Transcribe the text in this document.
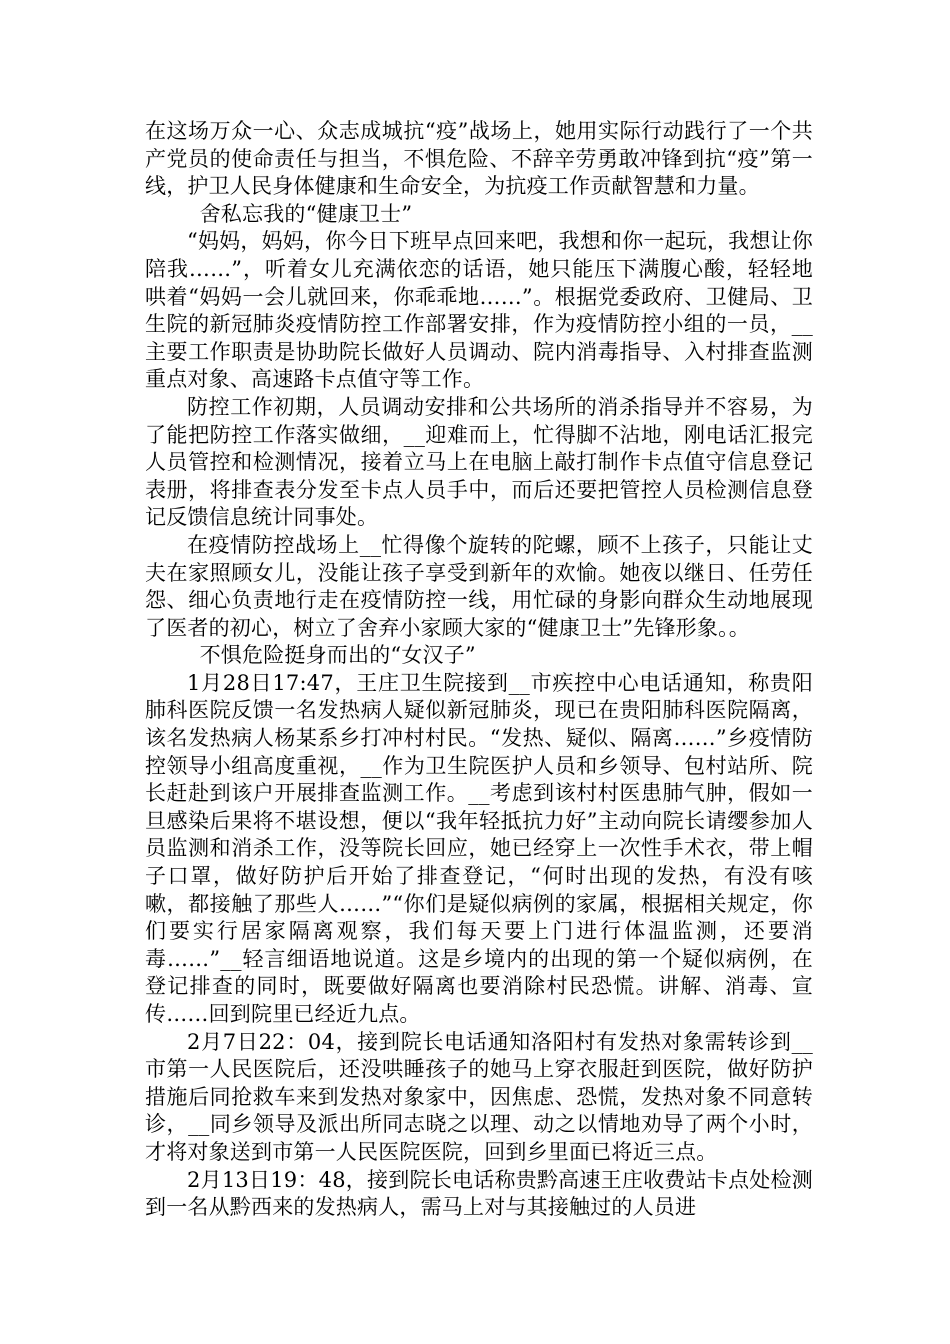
在这场万众一心、众志成城抗“疫”战场上，她用实际行动践行了一个共产党员的使命责任与担当，不惧危险、不辞辛劳勇敢冲锋到抗“疫”第一线，护卫人民身体健康和生命安全，为抗疫工作贡献智慧和力量。

舍私忘我的“健康卫士”

“妈妈，妈妈，你今日下班早点回来吧，我想和你一起玩，我想让你陪我……”，听着女儿充满依恋的话语，她只能压下满腹心酸，轻轻地哄着“妈妈一会儿就回来，你乖乖地……”。根据党委政府、卫健局、卫生院的新冠肺炎疫情防控工作部署安排，作为疫情防控小组的一员，__主要工作职责是协助院长做好人员调动、院内消毒指导、入村排查监测重点对象、高速路卡点值守等工作。

防控工作初期，人员调动安排和公共场所的消杀指导并不容易，为了能把防控工作落实做细，__迎难而上，忙得脚不沾地，刚电话汇报完人员管控和检测情况，接着立马上在电脑上敲打制作卡点值守信息登记表册，将排查表分发至卡点人员手中，而后还要把管控人员检测信息登记反馈信息统计同事处。

在疫情防控战场上__忙得像个旋转的陀螺，顾不上孩子，只能让丈夫在家照顾女儿，没能让孩子享受到新年的欢愉。她夜以继日、任劳任怨、细心负责地行走在疫情防控一线，用忙碌的身影向群众生动地展现了医者的初心，树立了舍弃小家顾大家的“健康卫士”先锋形象。。

不惧危险挺身而出的“女汉子”

1月28日17:47，王庄卫生院接到__市疾控中心电话通知，称贵阳肺科医院反馈一名发热病人疑似新冠肺炎，现已在贵阳肺科医院隔离，该名发热病人杨某系乡打冲村村民。“发热、疑似、隔离……”乡疫情防控领导小组高度重视，__作为卫生院医护人员和乡领导、包村站所、院长赶赴到该户开展排查监测工作。__考虑到该村村医患肺气肿，假如一旦感染后果将不堪设想，便以“我年轻抵抗力好”主动向院长请缨参加人员监测和消杀工作，没等院长回应，她已经穿上一次性手术衣，带上帽子口罩，做好防护后开始了排查登记，“何时出现的发热，有没有咳嗽，都接触了那些人……”“你们是疑似病例的家属，根据相关规定，你们要实行居家隔离观察，我们每天要上门进行体温监测，还要消毒……”__轻言细语地说道。这是乡境内的出现的第一个疑似病例，在登记排查的同时，既要做好隔离也要消除村民恐慌。讲解、消毒、宣传……回到院里已经近九点。

2月7日22：04，接到院长电话通知洛阳村有发热对象需转诊到__市第一人民医院后，还没哄睡孩子的她马上穿衣服赶到医院，做好防护措施后同抢救车来到发热对象家中，因焦虑、恐慌，发热对象不同意转诊，__同乡领导及派出所同志晓之以理、动之以情地劝导了两个小时，才将对象送到市第一人民医院医院，回到乡里面已将近三点。

2月13日19：48，接到院长电话称贵黔高速王庄收费站卡点处检测到一名从黔西来的发热病人，需马上对与其接触过的人员进
